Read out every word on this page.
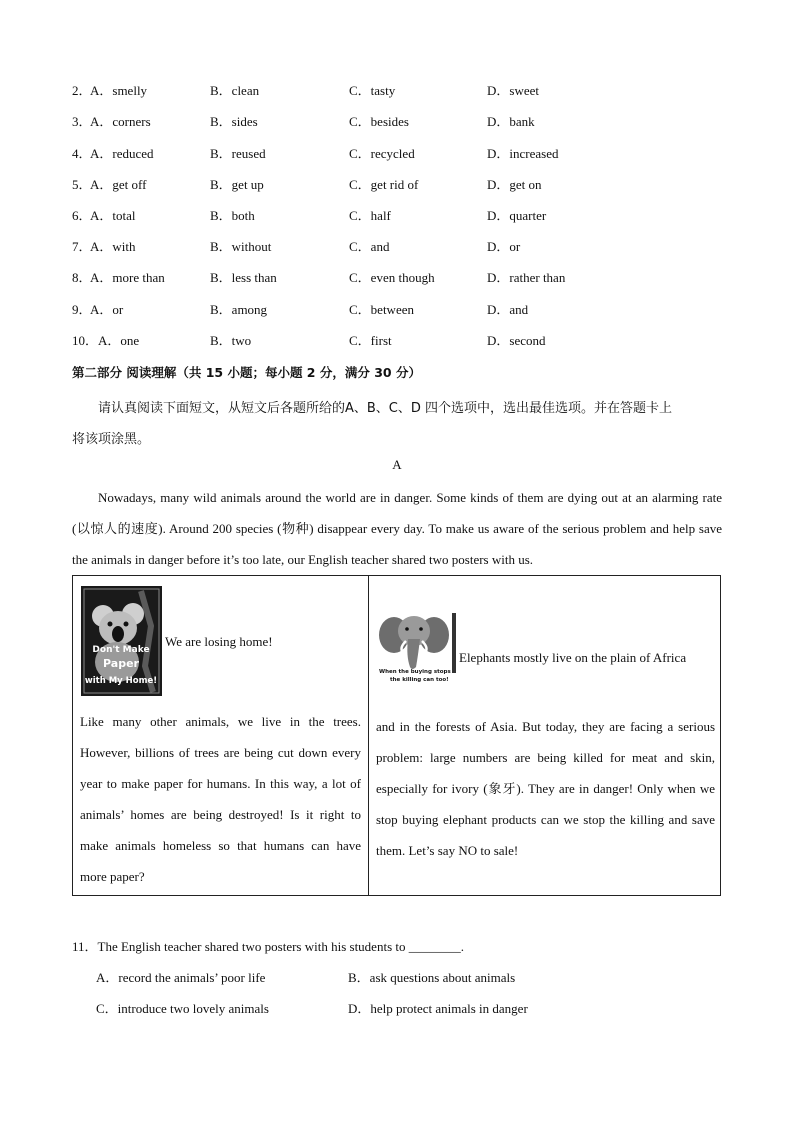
2．
A．smelly	B．clean	C．tasty	D．sweet
3．
A．corners	B．sides	C．besides	D．bank
4．
A．reduced	B．reused	C．recycled	D．increased
5．
A．get off	B．get up	C．get rid of	D．get on
6．
A．total	B．both	C．half	D．quarter
7．
A．with	B．without	C．and	D．or
8．
A．more than	B．less than	C．even though	D．rather than
9．
A．or	B．among	C．between	D．and
10． A．one	B．two	C．first	D．second
第二部分 阅读理解（共 15 小题；每小题 2 分，满分 30 分）
请认真阅读下面短文，从短文后各题所给的A、B、C、D 四个选项中，选出最佳选项。并在答题卡上
将该项涂黑。
A
Nowadays, many wild animals around the world are in danger. Some kinds of them are dying out at an alarming rate (以惊人的速度). Around 200 species (物种) disappear every day. To make us aware of the serious problem and help save the animals in danger before it’s too late, our English teacher shared two posters with us.
Don't Make
Paper
with My Home!
We are losing home!
Like many other animals, we live in the trees. However, billions of trees are being cut down every year to make paper for humans. In this way, a lot of animals’ homes are being destroyed! Is it right to make animals homeless so that humans can have more paper?
When the buying stops
the killing can too!
Elephants mostly live on the plain of Africa
and in the forests of Asia. But today, they are facing a serious problem: large numbers are being killed for meat and skin, especially for ivory (象牙). They are in danger! Only when we stop buying elephant products can we stop the killing and save them. Let’s say NO to sale!
11．The English teacher shared two posters with his students to ________.
A．record the animals’ poor life	B．ask questions about animals
C．introduce two lovely animals	D．help protect animals in danger
